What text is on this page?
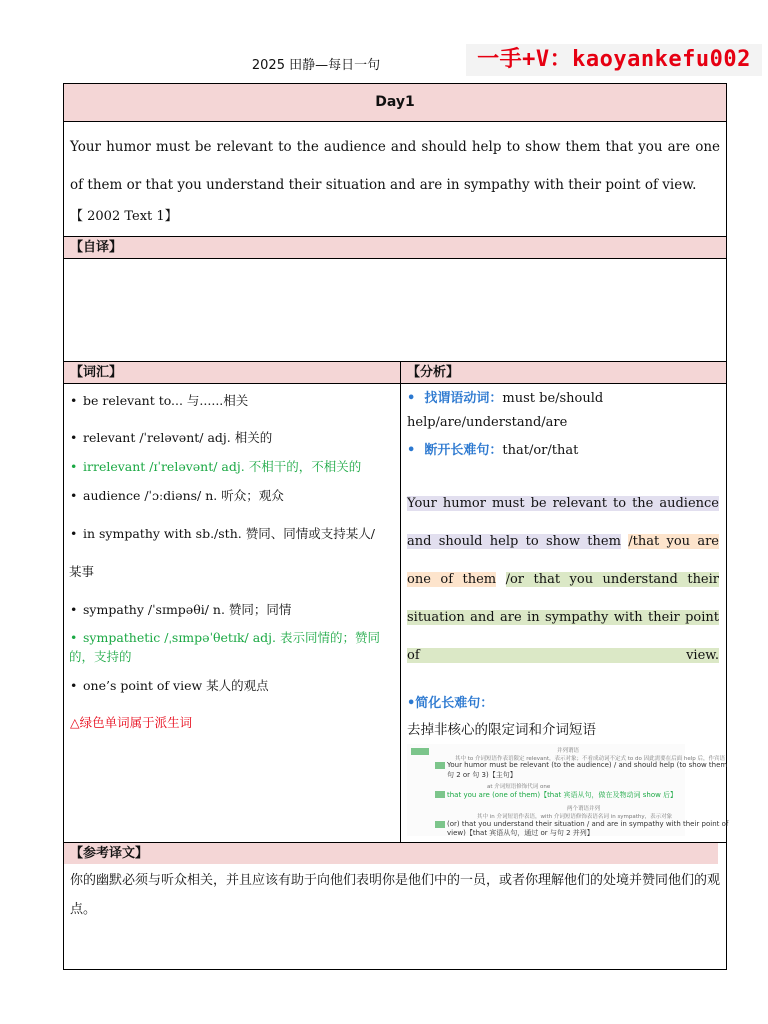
2025 田静—每日一句	一手+V：kaoyankefu002
Day1
Your humor must be relevant to the audience and should help to show them that you are one of them or that you understand their situation and are in sympathy with their point of view.
【 2002 Text 1】
【自译】
【词汇】	【分析】
• be relevant to... 与......相关
• relevant /ˈreləvənt/ adj. 相关的
• irrelevant /ɪˈreləvənt/ adj. 不相干的，不相关的
• audience /ˈɔːdiəns/ n. 听众；观众
• in sympathy with sb./sth. 赞同、同情或支持某人/
某事
• sympathy /ˈsɪmpəθi/ n. 赞同；同情
• sympathetic /ˌsɪmpəˈθetɪk/ adj. 表示同情的；赞同
的，支持的
• one’s point of view 某人的观点
△绿色单词属于派生词
•  找谓语动词：must be/should
help/are/understand/are
•  断开长难句：that/or/that
Your humor must be relevant to the audience and should help to show them /that you are one of them /or that you understand their situation and are in sympathy with their point of view.
•简化长难句：
去掉非核心的限定词和介词短语
并列谓语
其中 to 介词短语作表语限定 relevant，表示对象；不看成动词不定式 to do 因此需要在后面 help 后，作宾语
Your humor must be relevant (to the audience) / and should help (to show them
句 2 or 句 3)【主句】
at 介词短语修饰代词 one
that you are (one of them)【that 宾语从句，做在及物动词 show 后】
两个谓语并列
其中 in 介词短语作表语，with 介词短语修饰表语名词 in sympathy，表示对象
(or) that you understand their situation / and are in sympathy with their point of
view)【that 宾语从句，通过 or 与句 2 并列】
【参考译文】
你的幽默必须与听众相关，并且应该有助于向他们表明你是他们中的一员，或者你理解他们的处境并赞同他们的观点。
